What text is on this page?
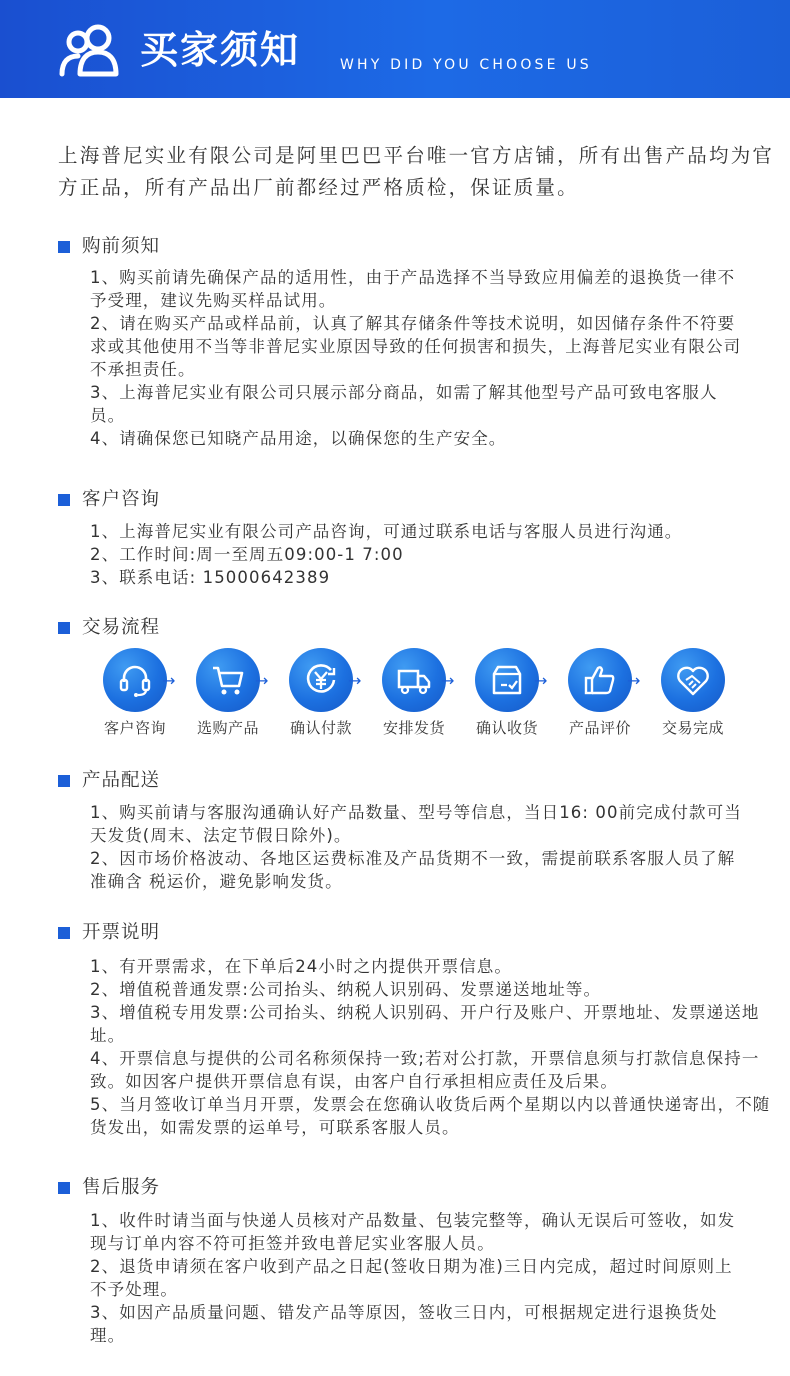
买家须知	WHY DID YOU CHOOSE US
上海普尼实业有限公司是阿里巴巴平台唯一官方店铺，所有出售产品均为官方正品，所有产品出厂前都经过严格质检，保证质量。
购前须知

1、购买前请先确保产品的适用性，由于产品选择不当导致应用偏差的退换货一律不予受理，建议先购买样品试用。

2、请在购买产品或样品前，认真了解其存储条件等技术说明，如因储存条件不符要求或其他使用不当等非普尼实业原因导致的任何损害和损失，上海普尼实业有限公司不承担责任。

3、上海普尼实业有限公司只展示部分商品，如需了解其他型号产品可致电客服人员。

4、请确保您已知晓产品用途，以确保您的生产安全。

客户咨询

1、上海普尼实业有限公司产品咨询，可通过联系电话与客服人员进行沟通。

2、工作时间:周一至周五09:00-1 7:00

3、联系电话: 15000642389

交易流程
客户咨询
→
选购产品
→
确认付款
→
安排发货
→
确认收货
→
产品评价
→
交易完成
产品配送

1、购买前请与客服沟通确认好产品数量、型号等信息，当日16: 00前完成付款可当天发货(周末、法定节假日除外)。

2、因市场价格波动、各地区运费标准及产品货期不一致，需提前联系客服人员了解准确含 税运价，避免影响发货。

开票说明

1、有开票需求，在下单后24小时之内提供开票信息。

2、增值税普通发票:公司抬头、纳税人识别码、发票递送地址等。

3、增值税专用发票:公司抬头、纳税人识别码、开户行及账户、开票地址、发票递送地址。

4、开票信息与提供的公司名称须保持一致;若对公打款，开票信息须与打款信息保持一致。如因客户提供开票信息有误，由客户自行承担相应责任及后果。

5、当月签收订单当月开票，发票会在您确认收货后两个星期以内以普通快递寄出，不随货发出，如需发票的运单号，可联系客服人员。

售后服务

1、收件时请当面与快递人员核对产品数量、包装完整等，确认无误后可签收，如发现与订单内容不符可拒签并致电普尼实业客服人员。

2、退货申请须在客户收到产品之日起(签收日期为准)三日内完成，超过时间原则上不予处理。

3、如因产品质量问题、错发产品等原因，签收三日内，可根据规定进行退换货处理。
